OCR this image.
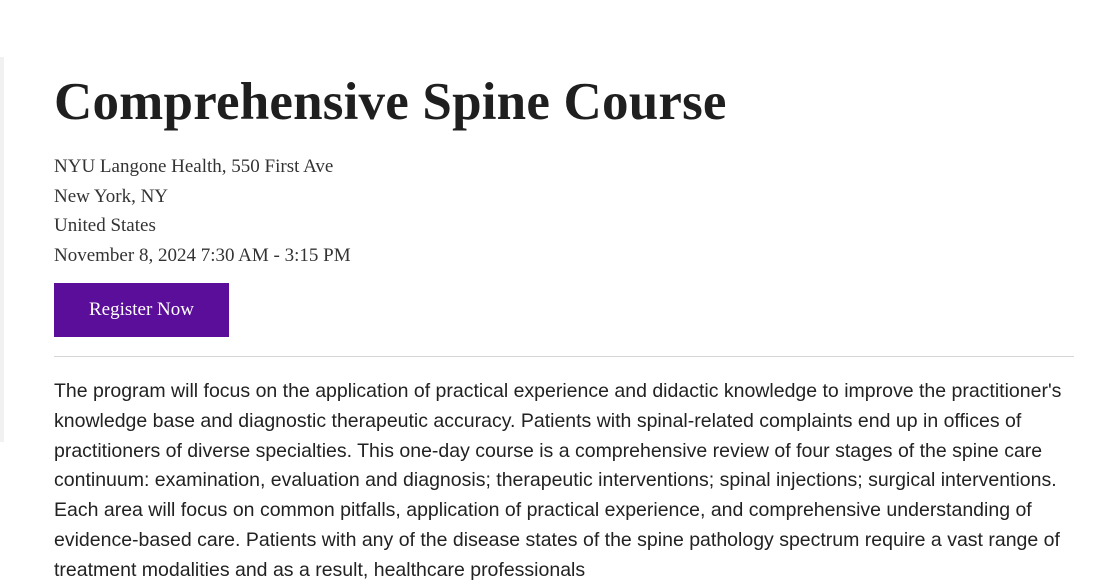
Comprehensive Spine Course
NYU Langone Health, 550 First Ave
New York, NY
United States
November 8, 2024 7:30 AM - 3:15 PM
Register Now

The program will focus on the application of practical experience and didactic knowledge to improve the practitioner's knowledge base and diagnostic therapeutic accuracy. Patients with spinal-related complaints end up in offices of practitioners of diverse specialties. This one-day course is a comprehensive review of four stages of the spine care continuum: examination, evaluation and diagnosis; therapeutic interventions; spinal injections; surgical interventions. Each area will focus on common pitfalls, application of practical experience, and comprehensive understanding of evidence-based care. Patients with any of the disease states of the spine pathology spectrum require a vast range of treatment modalities and as a result, healthcare professionals
